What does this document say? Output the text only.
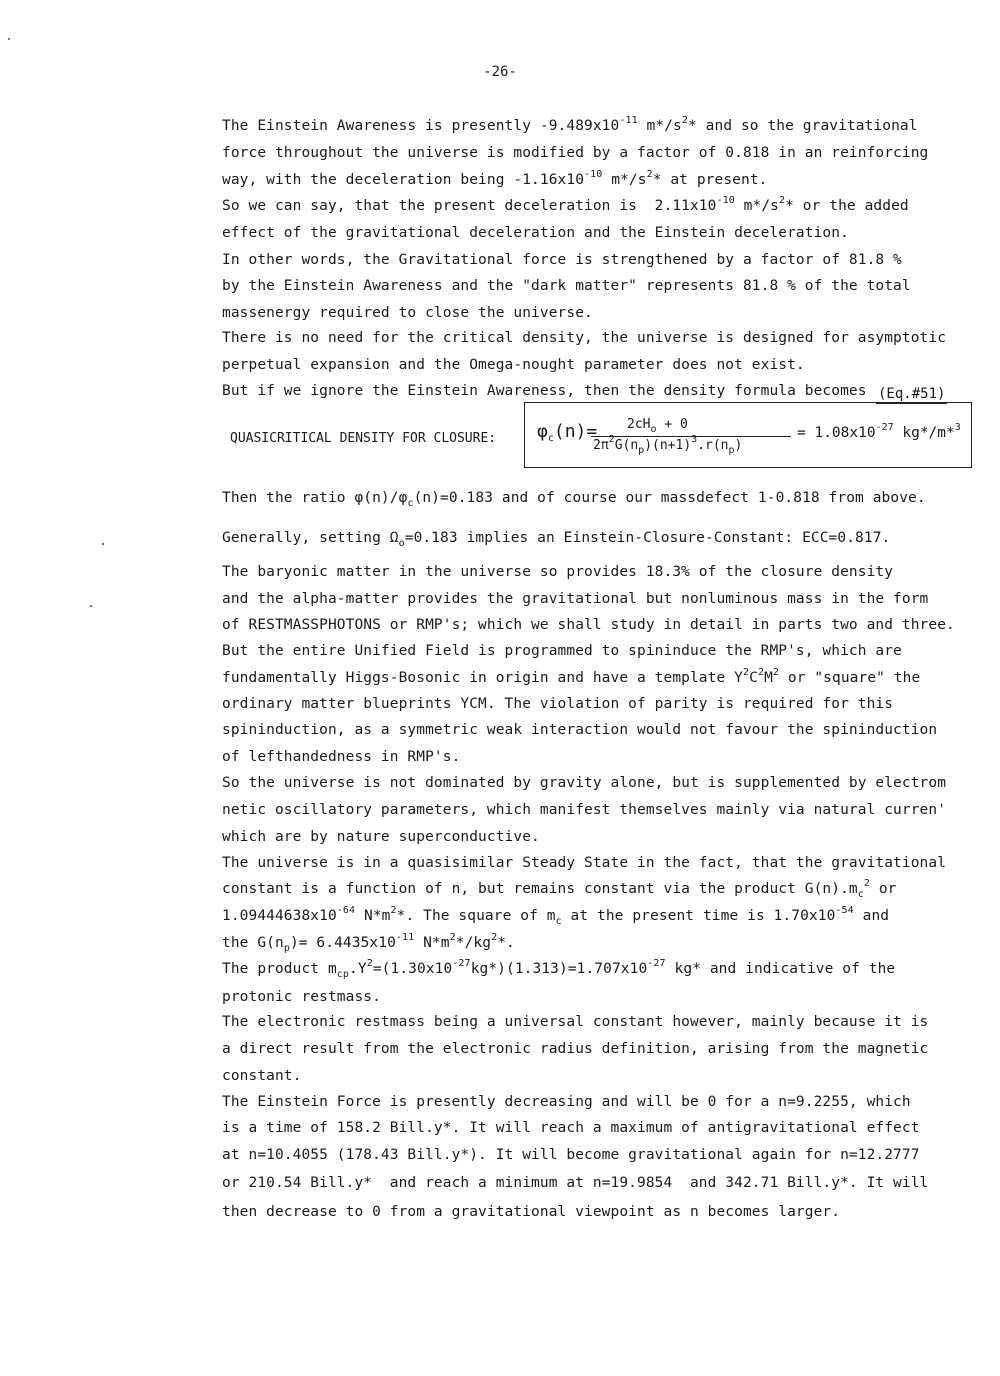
-26-
The Einstein Awareness is presently $-9.489x10^{-11}$ $m*/s^2*$ and so the gravitational
force throughout the universe is modified by a factor of 0.818 in an reinforcing
way, with the deceleration being $-1.16x10^{-10}$ $m*/s^2*$ at present.
So we can say, that the present deceleration is  $2.11x10^{-10}$ $m*/s^2*$ or the added
effect of the gravitational deceleration and the Einstein deceleration.
In other words, the Gravitational force is strengthened by a factor of 81.8 %
by the Einstein Awareness and the "dark matter" represents 81.8 % of the total
massenergy required to close the universe.
There is no need for the critical density, the universe is designed for asymptotic
perpetual expansion and the Omega-nought parameter does not exist.
But if we ignore the Einstein Awareness, then the density formula becomes
Then the ratio $\varphi(n)/\varphi_c(n)=0.183$ and of course our massdefect 1-0.818 from above.
Generally, setting $\Omega_o=0.183$ implies an Einstein-Closure-Constant: ECC=0.817.
The baryonic matter in the universe so provides 18.3% of the closure density
and the alpha-matter provides the gravitational but nonluminous mass in the form
of RESTMASSPHOTONS or RMP's; which we shall study in detail in parts two and three.
But the entire Unified Field is programmed to spininduce the RMP's, which are
fundamentally Higgs-Bosonic in origin and have a template $Y^2C^2M^2$ or "square" the
ordinary matter blueprints YCM. The violation of parity is required for this
spininduction, as a symmetric weak interaction would not favour the spininduction
of lefthandedness in RMP's.
So the universe is not dominated by gravity alone, but is supplemented by electrom
netic oscillatory parameters, which manifest themselves mainly via natural curren'
which are by nature superconductive.
The universe is in a quasisimilar Steady State in the fact, that the gravitational
constant is a function of n, but remains constant via the product $G(n).m_c^2$ or
$1.09444638x10^{-64}$ $N*m^2*$. The square of $m_c$ at the present time is $1.70x10^{-54}$ and
the $G(n_p)= 6.4435x10^{-11}$ $N*m^2*/kg^2*$.
The product $m_{cp}.Y^2=(1.30x10^{-27}kg*)(1.313)=1.707x10^{-27}$ kg* and indicative of the
protonic restmass.
The electronic restmass being a universal constant however, mainly because it is
a direct result from the electronic radius definition, arising from the magnetic
constant.
The Einstein Force is presently decreasing and will be 0 for a n=9.2255, which
is a time of 158.2 Bill.y*. It will reach a maximum of antigravitational effect
at n=10.4055 (178.43 Bill.y*). It will become gravitational again for n=12.2777
or 210.54 Bill.y*  and reach a minimum at n=19.9854  and 342.71 Bill.y*. It will
then decrease to 0 from a gravitational viewpoint as n becomes larger.
(Eq.#51)
QUASICRITICAL DENSITY FOR CLOSURE: $\varphi_c(n)= 2cH_o + 0$
$2\pi^2G(n_p)(n+1)^3.r(n_p)$
= $1.08x10^{-27}$ kg*/m*$^3$
